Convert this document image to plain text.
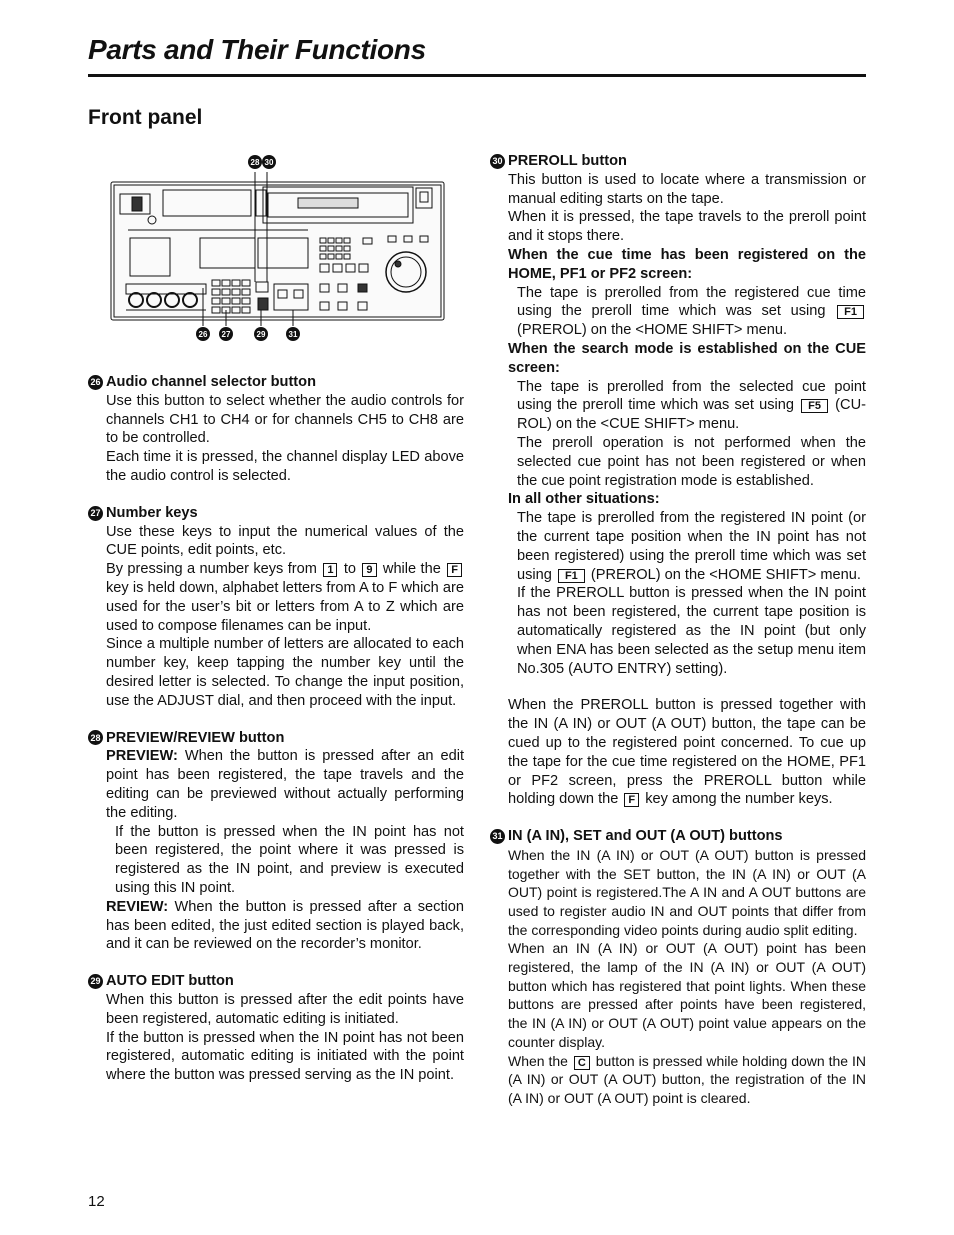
Parts and Their Functions
Front panel
28 30
26 27	29	31
26 Audio channel selector button

Use this button to select whether the audio controls for channels CH1 to CH4 or for channels CH5 to CH8 are to be controlled.

Each time it is pressed, the channel display LED above the audio control is selected.

27 Number keys

Use these keys to input the numerical values of the CUE points, edit points, etc.

By pressing a number keys from 1 to 9 while the F key is held down, alphabet letters from A to F which are used for the user’s bit or letters from A to Z which are used to compose filenames can be input.

Since a multiple number of letters are allocated to each number key, keep tapping the number key until the desired letter is selected. To change the input position, use the ADJUST dial, and then proceed with the input.

28 PREVIEW/REVIEW button

PREVIEW: When the button is pressed after an edit point has been registered, the tape travels and the editing can be previewed without actually performing the editing.

If the button is pressed when the IN point has not been registered, the point where it was pressed is registered as the IN point, and preview is executed using this IN point.

REVIEW: When the button is pressed after a section has been edited, the just edited section is played back, and it can be reviewed on the recorder’s monitor.

29 AUTO EDIT button

When this button is pressed after the edit points have been registered, automatic editing is initiated.

If the button is pressed when the IN point has not been registered, automatic editing is initiated with the point where the button was pressed serving as the IN point.

30 PREROLL button

This button is used to locate where a transmission or manual editing starts on the tape.

When it is pressed, the tape travels to the preroll point and it stops there.

When the cue time has been registered on the HOME, PF1 or PF2 screen:

The tape is prerolled from the registered cue time using the preroll time which was set using F1 (PREROL) on the <HOME SHIFT> menu.

When the search mode is established on the CUE screen:

The tape is prerolled from the selected cue point using the preroll time which was set using F5 (CU-ROL) on the <CUE SHIFT> menu.

The preroll operation is not performed when the selected cue point has not been registered or when the cue point registration mode is established.

In all other situations:

The tape is prerolled from the registered IN point (or the current tape position when the IN point has not been registered) using the preroll time which was set using F1 (PREROL) on the <HOME SHIFT> menu.

If the PREROLL button is pressed when the IN point has not been registered, the current tape position is automatically registered as the IN point (but only when ENA has been selected as the setup menu item No.305 (AUTO ENTRY) setting).

When the PREROLL button is pressed together with the IN (A IN) or OUT (A OUT) button, the tape can be cued up to the registered point concerned. To cue up the tape for the cue time registered on the HOME, PF1 or PF2 screen, press the PREROLL button while holding down the F key among the number keys.

31 IN (A IN), SET and OUT (A OUT) buttons

When the IN (A IN) or OUT (A OUT) button is pressed together with the SET button, the IN (A IN) or OUT (A OUT) point is registered.The A IN and A OUT buttons are used to register audio IN and OUT points that differ from the corresponding video points during audio split editing.

When an IN (A IN) or OUT (A OUT) point has been registered, the lamp of the IN (A IN) or OUT (A OUT) button which has registered that point lights. When these buttons are pressed after points have been registered, the IN (A IN) or OUT (A OUT) point value appears on the counter display.

When the C button is pressed while holding down the IN (A IN) or OUT (A OUT) button, the registration of the IN (A IN) or OUT (A OUT) point is cleared.

12
